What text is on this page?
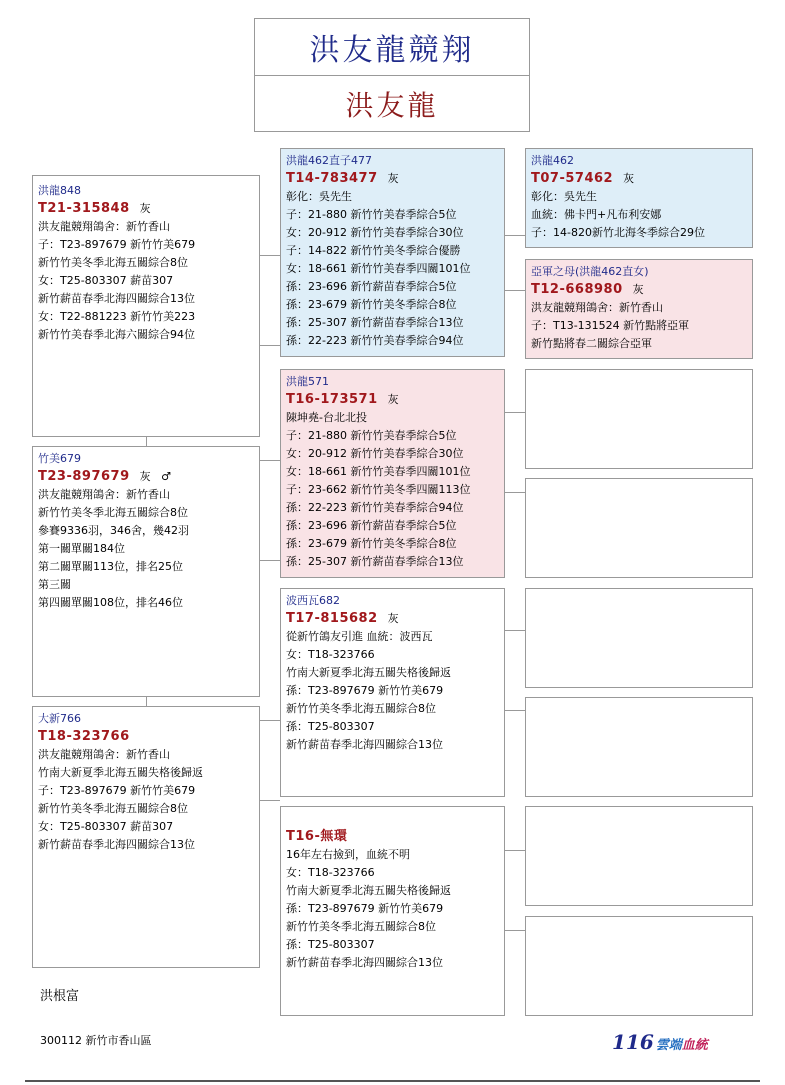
洪友龍競翔
洪友龍
洪龍848
T21-315848 灰
洪友龍競翔鴿舍：新竹香山
子：T23-897679 新竹竹美679
新竹竹美冬季北海五關綜合8位
女：T25-803307 薪苗307
新竹薪苗春季北海四關綜合13位
女：T22-881223 新竹竹美223
新竹竹美春季北海六關綜合94位
竹美679
T23-897679 灰 ♂
洪友龍競翔鴿舍：新竹香山
新竹竹美冬季北海五關綜合8位
參賽9336羽，346舍，幾42羽
第一關單關184位
第二關單關113位，排名25位
第三關
第四關單關108位，排名46位
大新766
T18-323766
洪友龍競翔鴿舍：新竹香山
竹南大新夏季北海五關失格後歸返
子：T23-897679 新竹竹美679
新竹竹美冬季北海五關綜合8位
女：T25-803307 薪苗307
新竹薪苗春季北海四關綜合13位
洪龍462直子477
T14-783477 灰
彰化：吳先生
子：21-880 新竹竹美春季綜合5位
女：20-912 新竹竹美春季綜合30位
子：14-822 新竹竹美冬季綜合優勝
女：18-661 新竹竹美春季四關101位
孫：23-696 新竹薪苗春季綜合5位
孫：23-679 新竹竹美冬季綜合8位
孫：25-307 新竹薪苗春季綜合13位
孫：22-223 新竹竹美春季綜合94位
洪龍571
T16-173571 灰
陳坤堯-台北北投
子：21-880 新竹竹美春季綜合5位
女：20-912 新竹竹美春季綜合30位
女：18-661 新竹竹美春季四關101位
子：23-662 新竹竹美冬季四關113位
孫：22-223 新竹竹美春季綜合94位
孫：23-696 新竹薪苗春季綜合5位
孫：23-679 新竹竹美冬季綜合8位
孫：25-307 新竹薪苗春季綜合13位
波西瓦682
T17-815682 灰
從新竹鴿友引進 血統：波西瓦
女：T18-323766
竹南大新夏季北海五關失格後歸返
孫：T23-897679 新竹竹美679
新竹竹美冬季北海五關綜合8位
孫：T25-803307
新竹薪苗春季北海四關綜合13位
T16-無環
16年左右撿到，血統不明
女：T18-323766
竹南大新夏季北海五關失格後歸返
孫：T23-897679 新竹竹美679
新竹竹美冬季北海五關綜合8位
孫：T25-803307
新竹薪苗春季北海四關綜合13位
洪龍462
T07-57462 灰
彰化：吳先生
血統：佛卡門+凡布利安娜
子：14-820新竹北海冬季綜合29位
亞軍之母(洪龍462直女)
T12-668980 灰
洪友龍競翔鴿舍：新竹香山
子：T13-131524 新竹點將亞軍
新竹點將春二關綜合亞軍
洪根富
300112 新竹市香山區	116 雲端血統
